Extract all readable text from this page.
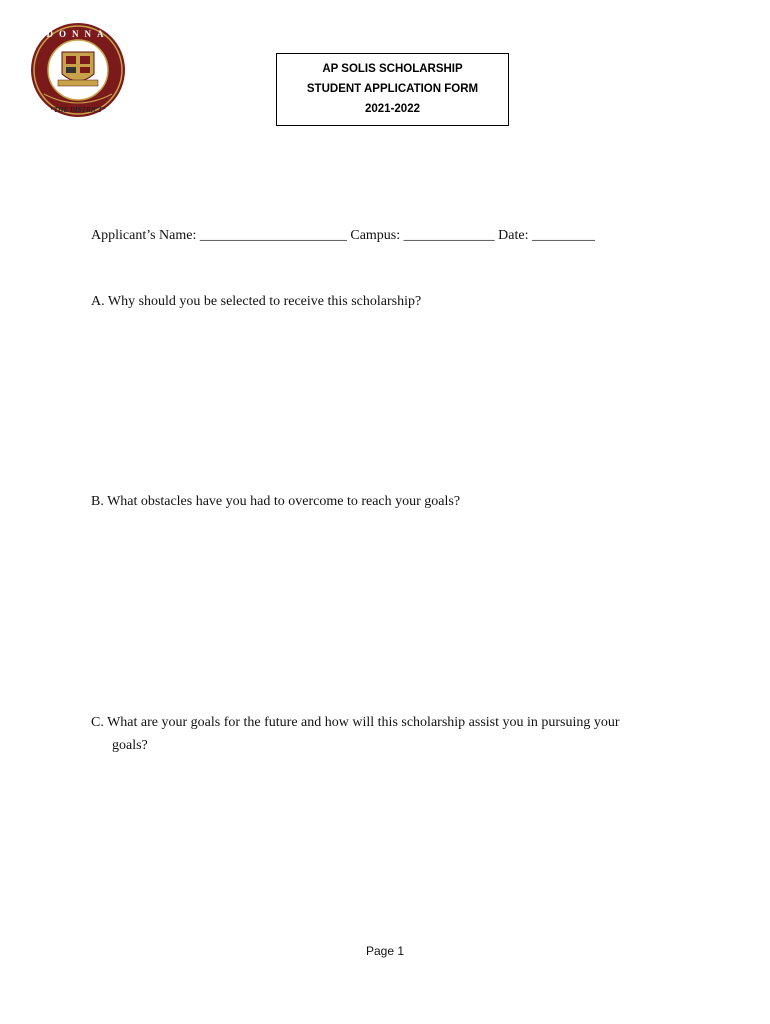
DONNA
“THE DISTRICT”
AP SOLIS SCHOLARSHIP
STUDENT APPLICATION FORM
2021-2022
Applicant’s Name: _____________________ Campus: _____________ Date: _________
A. Why should you be selected to receive this scholarship?
B. What obstacles have you had to overcome to reach your goals?
C. What are your goals for the future and how will this scholarship assist you in pursuing your
goals?
Page 1
